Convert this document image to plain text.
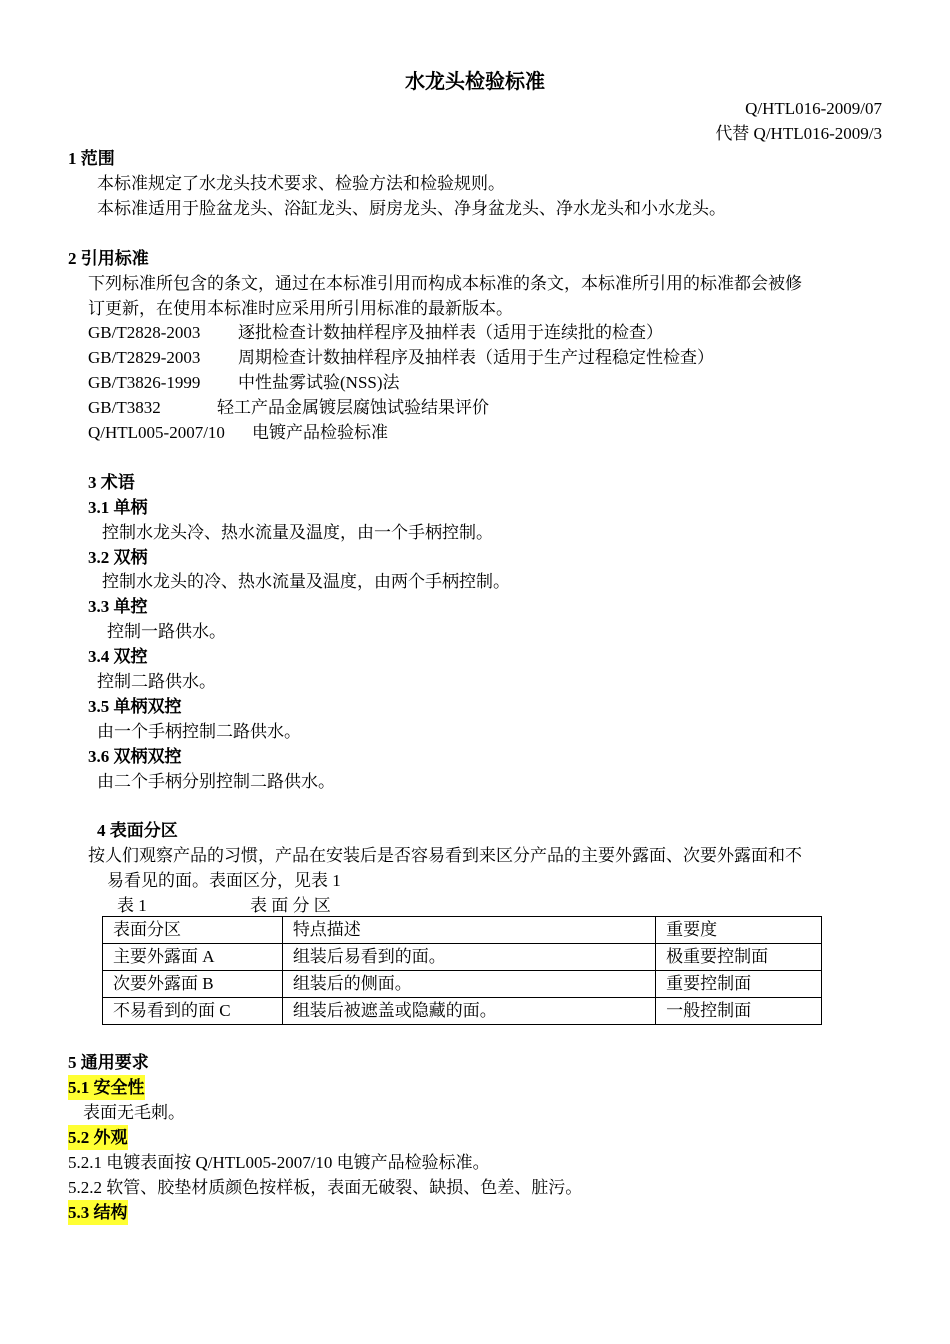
水龙头检验标准
Q/HTL016-2009/07
代替 Q/HTL016-2009/3
1 范围
本标准规定了水龙头技术要求、检验方法和检验规则。
本标准适用于脸盆龙头、浴缸龙头、厨房龙头、净身盆龙头、净水龙头和小水龙头。
2 引用标准
下列标准所包含的条文，通过在本标准引用而构成本标准的条文，本标准所引用的标准都会被修
订更新，在使用本标准时应采用所引用标准的最新版本。
GB/T2828-2003 逐批检查计数抽样程序及抽样表（适用于连续批的检查）
GB/T2829-2003 周期检查计数抽样程序及抽样表（适用于生产过程稳定性检查）
GB/T3826-1999 中性盐雾试验(NSS)法
GB/T3832	轻工产品金属镀层腐蚀试验结果评价
Q/HTL005-2007/10 电镀产品检验标准
3 术语
3.1 单柄
控制水龙头冷、热水流量及温度，由一个手柄控制。
3.2 双柄
控制水龙头的冷、热水流量及温度，由两个手柄控制。
3.3 单控
控制一路供水。
3.4 双控
控制二路供水。
3.5 单柄双控
由一个手柄控制二路供水。
3.6 双柄双控
由二个手柄分别控制二路供水。
4 表面分区
按人们观察产品的习惯，产品在安装后是否容易看到来区分产品的主要外露面、次要外露面和不
易看见的面。表面区分，见表 1
表 1	表 面 分 区
表面分区	特点描述	重要度
主要外露面 A	组装后易看到的面。	极重要控制面
次要外露面 B	组装后的侧面。	重要控制面
不易看到的面 C	组装后被遮盖或隐藏的面。	一般控制面
5 通用要求
5.1 安全性
表面无毛刺。
5.2 外观
5.2.1 电镀表面按 Q/HTL005-2007/10 电镀产品检验标准。
5.2.2 软管、胶垫材质颜色按样板，表面无破裂、缺损、色差、脏污。
5.3 结构
